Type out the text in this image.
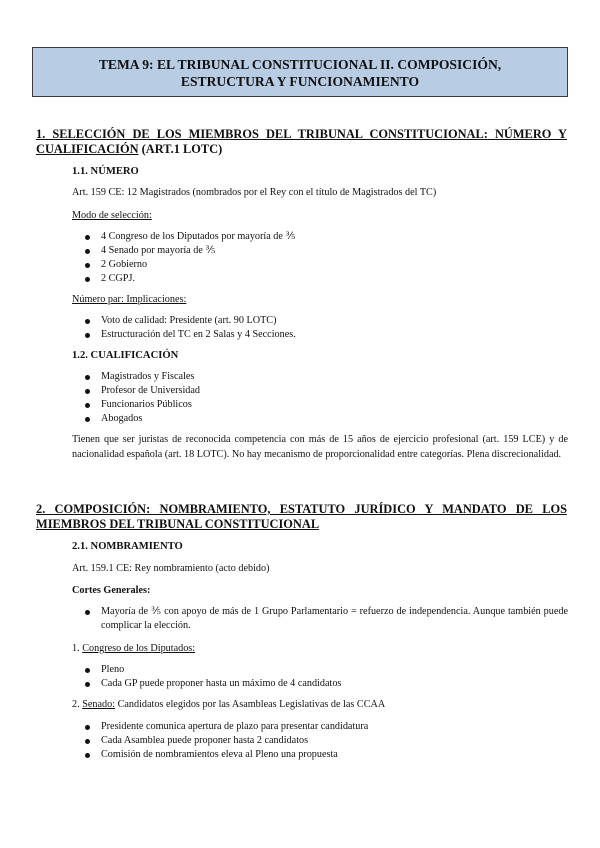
TEMA 9: EL TRIBUNAL CONSTITUCIONAL II. COMPOSICIÓN,
ESTRUCTURA Y FUNCIONAMIENTO
1. SELECCIÓN DE LOS MIEMBROS DEL TRIBUNAL CONSTITUCIONAL: NÚMERO Y CUALIFICACIÓN (ART.1 LOTC)
1.1. NÚMERO
Art. 159 CE: 12 Magistrados (nombrados por el Rey con el título de Magistrados del TC)
Modo de selección:
4 Congreso de los Diputados por mayoría de ⅗
4 Senado por mayoría de ⅗
2 Gobierno
2 CGPJ.
Número par: Implicaciones:
Voto de calidad: Presidente (art. 90 LOTC)
Estructuración del TC en 2 Salas y 4 Secciones.
1.2. CUALIFICACIÓN
Magistrados y Fiscales
Profesor de Universidad
Funcionarios Públicos
Abogados
Tienen que ser juristas de reconocida competencia con más de 15 años de ejercicio profesional (art. 159 LCE) y de nacionalidad española (art. 18 LOTC). No hay mecanismo de proporcionalidad entre categorías. Plena discrecionalidad.
2. COMPOSICIÓN: NOMBRAMIENTO, ESTATUTO JURÍDICO Y MANDATO DE LOS MIEMBROS DEL TRIBUNAL CONSTITUCIONAL
2.1. NOMBRAMIENTO
Art. 159.1 CE: Rey nombramiento (acto debido)
Cortes Generales:
Mayoría de ⅗ con apoyo de más de 1 Grupo Parlamentario = refuerzo de independencia. Aunque también puede complicar la elección.
1. Congreso de los Diputados:
Pleno
Cada GP puede proponer hasta un máximo de 4 candidatos
2. Senado: Candidatos elegidos por las Asambleas Legislativas de las CCAA
Presidente comunica apertura de plazo para presentar candidatura
Cada Asamblea puede proponer hasta 2 candidatos
Comisión de nombramientos eleva al Pleno una propuesta
